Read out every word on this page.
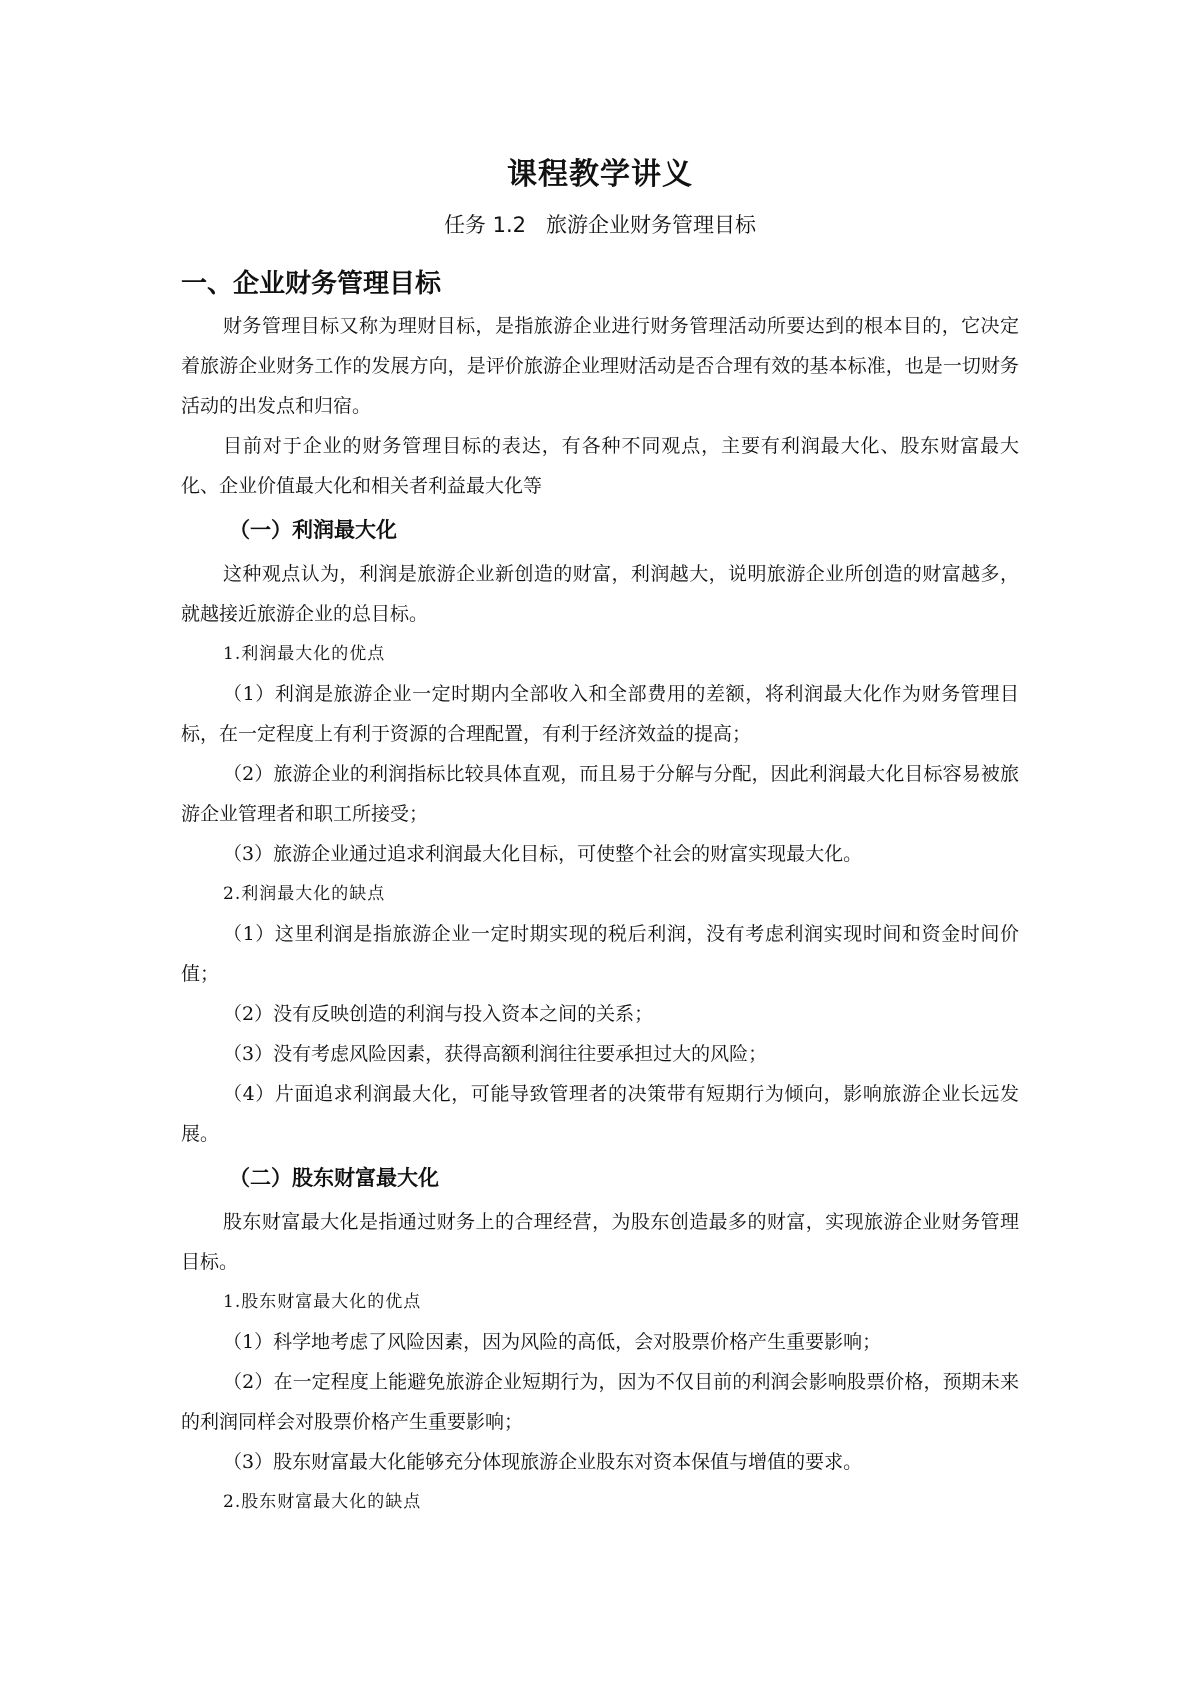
课程教学讲义
任务 1.2   旅游企业财务管理目标
一、企业财务管理目标

财务管理目标又称为理财目标，是指旅游企业进行财务管理活动所要达到的根本目的，它决定着旅游企业财务工作的发展方向，是评价旅游企业理财活动是否合理有效的基本标准，也是一切财务活动的出发点和归宿。

目前对于企业的财务管理目标的表达，有各种不同观点，主要有利润最大化、股东财富最大化、企业价值最大化和相关者利益最大化等

（一）利润最大化

这种观点认为，利润是旅游企业新创造的财富，利润越大，说明旅游企业所创造的财富越多，就越接近旅游企业的总目标。

1.利润最大化的优点

（1）利润是旅游企业一定时期内全部收入和全部费用的差额，将利润最大化作为财务管理目标，在一定程度上有利于资源的合理配置，有利于经济效益的提高；

（2）旅游企业的利润指标比较具体直观，而且易于分解与分配，因此利润最大化目标容易被旅游企业管理者和职工所接受；

（3）旅游企业通过追求利润最大化目标，可使整个社会的财富实现最大化。

2.利润最大化的缺点

（1）这里利润是指旅游企业一定时期实现的税后利润，没有考虑利润实现时间和资金时间价值；

（2）没有反映创造的利润与投入资本之间的关系；

（3）没有考虑风险因素，获得高额利润往往要承担过大的风险；

（4）片面追求利润最大化，可能导致管理者的决策带有短期行为倾向，影响旅游企业长远发展。

（二）股东财富最大化

股东财富最大化是指通过财务上的合理经营，为股东创造最多的财富，实现旅游企业财务管理目标。

1.股东财富最大化的优点

（1）科学地考虑了风险因素，因为风险的高低，会对股票价格产生重要影响；

（2）在一定程度上能避免旅游企业短期行为，因为不仅目前的利润会影响股票价格，预期未来的利润同样会对股票价格产生重要影响；

（3）股东财富最大化能够充分体现旅游企业股东对资本保值与增值的要求。

2.股东财富最大化的缺点
